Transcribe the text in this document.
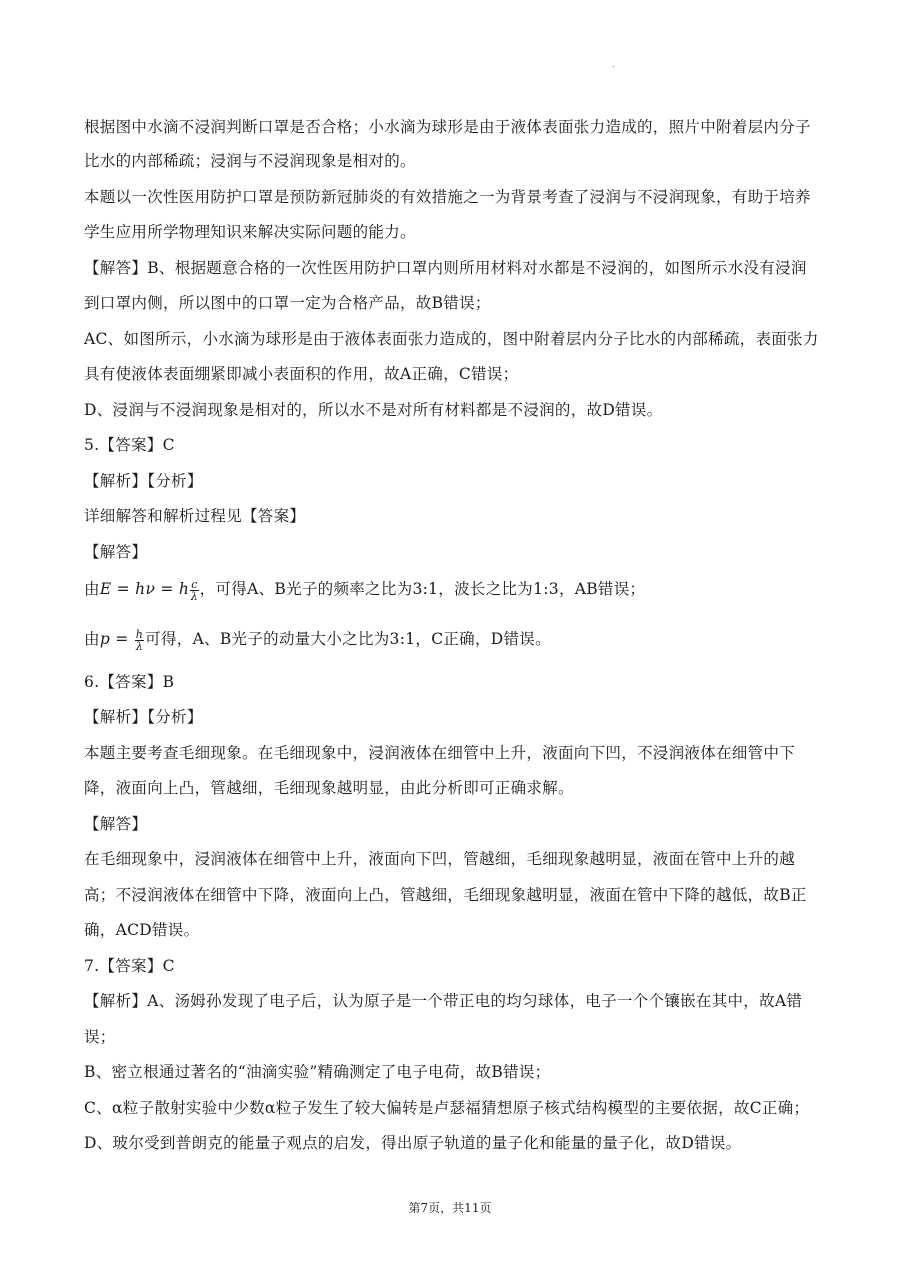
.
根据图中水滴不浸润判断口罩是否合格；小水滴为球形是由于液体表面张力造成的，照片中附着层内分子
比水的内部稀疏；浸润与不浸润现象是相对的。
本题以一次性医用防护口罩是预防新冠肺炎的有效措施之一为背景考查了浸润与不浸润现象，有助于培养
学生应用所学物理知识来解决实际问题的能力。
【解答】B、根据题意合格的一次性医用防护口罩内则所用材料对水都是不浸润的，如图所示水没有浸润
到口罩内侧，所以图中的口罩一定为合格产品，故B错误；
AC、如图所示，小水滴为球形是由于液体表面张力造成的，图中附着层内分子比水的内部稀疏，表面张力
具有使液体表面绷紧即减小表面积的作用，故A正确，C错误；
D、浸润与不浸润现象是相对的，所以水不是对所有材料都是不浸润的，故D错误。
5.【答案】C
【解析】【分析】
详细解答和解析过程见【答案】
【解答】
由E = hν = h $\frac{c}{\lambda}$ ，可得A、B光子的频率之比为3:1，波长之比为1:3，AB错误；
由$p = \frac{h}{\lambda}$ 可得，A、B光子的动量大小之比为3:1，C正确，D错误。
6.【答案】B
【解析】【分析】
本题主要考查毛细现象。在毛细现象中，浸润液体在细管中上升，液面向下凹，不浸润液体在细管中下
降，液面向上凸，管越细，毛细现象越明显，由此分析即可正确求解。
【解答】
在毛细现象中，浸润液体在细管中上升，液面向下凹，管越细，毛细现象越明显，液面在管中上升的越
高；不浸润液体在细管中下降，液面向上凸，管越细，毛细现象越明显，液面在管中下降的越低，故B正
确，ACD错误。
7.【答案】C
【解析】A、汤姆孙发现了电子后，认为原子是一个带正电的均匀球体，电子一个个镶嵌在其中，故A错
误；
B、密立根通过著名的“油滴实验”精确测定了电子电荷，故B错误；
C、α粒子散射实验中少数α粒子发生了较大偏转是卢瑟福猜想原子核式结构模型的主要依据，故C正确；
D、玻尔受到普朗克的能量子观点的启发，得出原子轨道的量子化和能量的量子化，故D错误。
第7页，共11页
